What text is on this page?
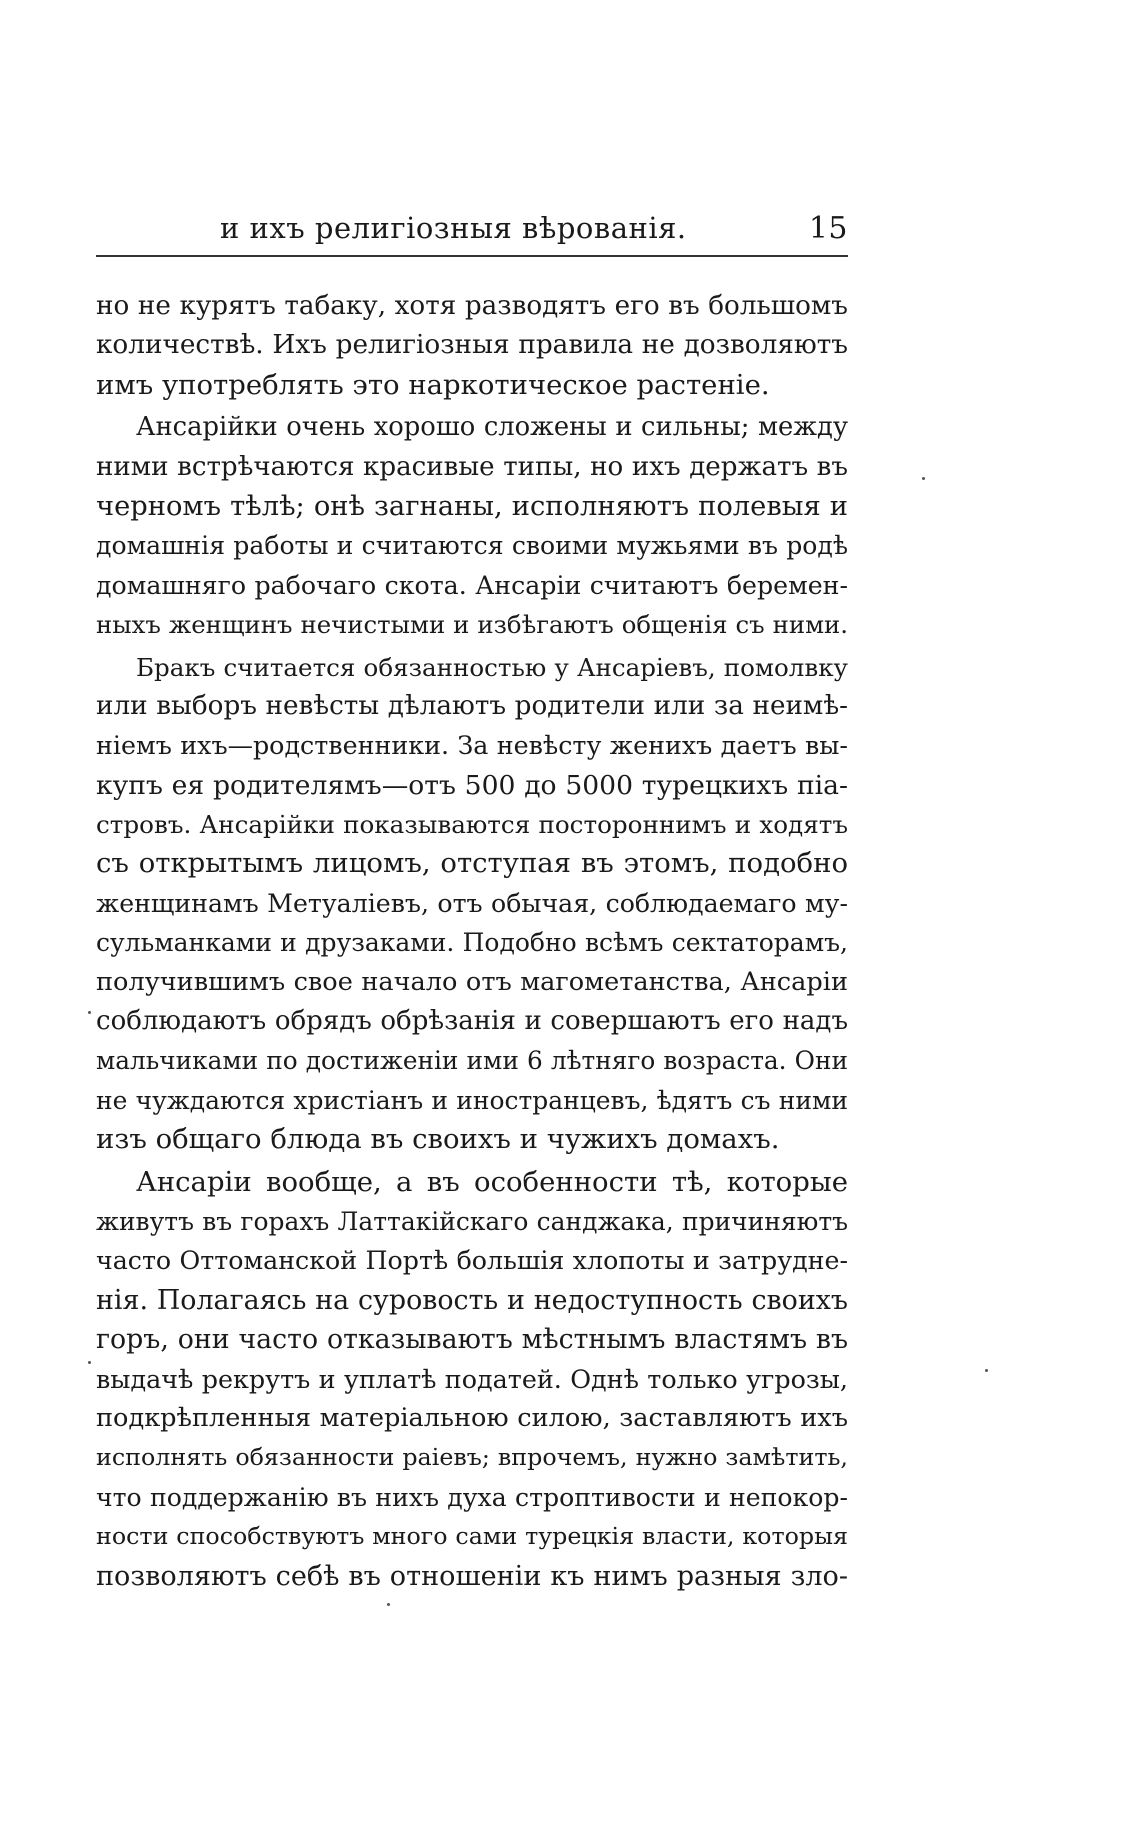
и ихъ религіозныя вѣрованія.	15
но не курятъ табаку, хотя разводятъ его въ большомъ
количествѣ. Ихъ религіозныя правила не дозволяютъ
имъ употреблять это наркотическое растеніе.
Ансарійки очень хорошо сложены и сильны; между
ними встрѣчаются красивые типы, но ихъ держатъ въ
черномъ тѣлѣ; онѣ загнаны, исполняютъ полевыя и
домашнія работы и считаются своими мужьями въ родѣ
домашняго рабочаго скота. Ансаріи считаютъ беремен-
ныхъ женщинъ нечистыми и избѣгаютъ общенія съ ними.
Бракъ считается обязанностью у Ансаріевъ, помолвку
или выборъ невѣсты дѣлаютъ родители или за неимѣ-
ніемъ ихъ—родственники. За невѣсту женихъ даетъ вы-
купъ ея родителямъ—отъ 500 до 5000 турецкихъ піа-
стровъ. Ансарійки показываются постороннимъ и ходятъ
съ открытымъ лицомъ, отступая въ этомъ, подобно
женщинамъ Метуаліевъ, отъ обычая, соблюдаемаго му-
сульманками и друзаками. Подобно всѣмъ сектаторамъ,
получившимъ свое начало отъ магометанства, Ансаріи
соблюдаютъ обрядъ обрѣзанія и совершаютъ его надъ
мальчиками по достиженіи ими 6 лѣтняго возраста. Они
не чуждаются христіанъ и иностранцевъ, ѣдятъ съ ними
изъ общаго блюда въ своихъ и чужихъ домахъ.
Ансаріи вообще, а въ особенности тѣ, которые
живутъ въ горахъ Латтакійскаго санджака, причиняютъ
часто Оттоманской Портѣ большія хлопоты и затрудне-
нія. Полагаясь на суровость и недоступность своихъ
горъ, они часто отказываютъ мѣстнымъ властямъ въ
выдачѣ рекрутъ и уплатѣ податей. Однѣ только угрозы,
подкрѣпленныя матеріальною силою, заставляютъ ихъ
исполнять обязанности раіевъ; впрочемъ, нужно замѣтить,
что поддержанію въ нихъ духа строптивости и непокор-
ности способствуютъ много сами турецкія власти, которыя
позволяютъ себѣ въ отношеніи къ нимъ разныя зло-
